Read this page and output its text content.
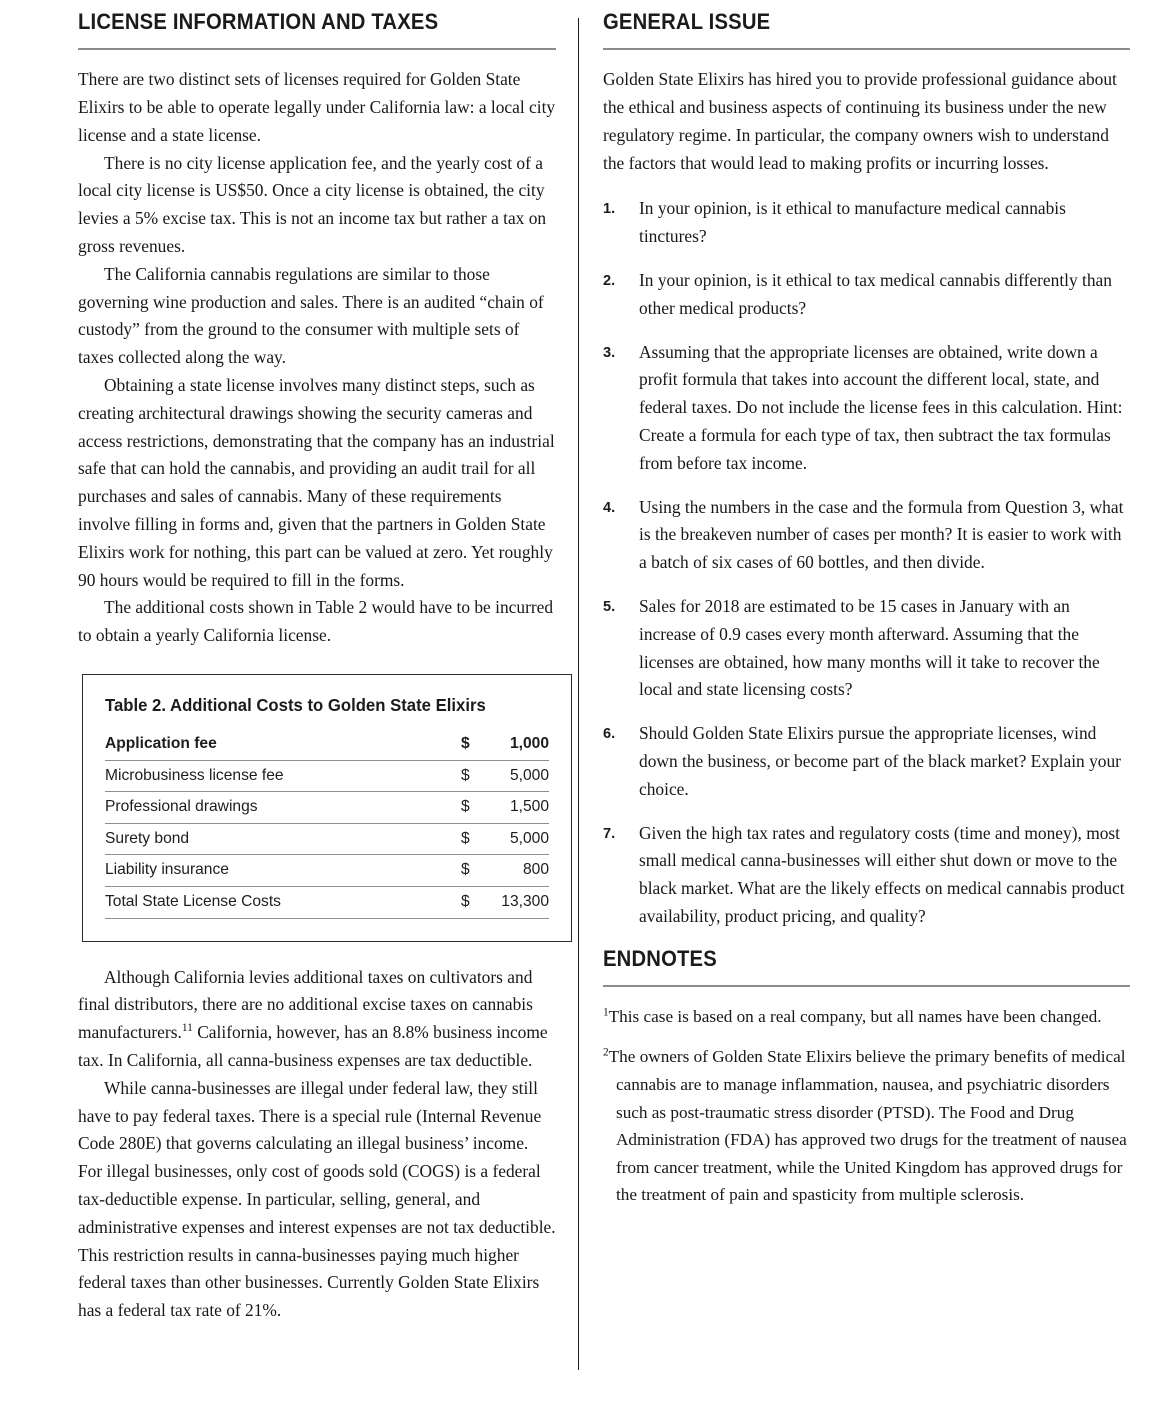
LICENSE INFORMATION AND TAXES

There are two distinct sets of licenses required for Golden State Elixirs to be able to operate legally under California law: a local city license and a state license.

There is no city license application fee, and the yearly cost of a local city license is US$50. Once a city license is obtained, the city levies a 5% excise tax. This is not an income tax but rather a tax on gross revenues.

The California cannabis regulations are similar to those governing wine production and sales. There is an audited “chain of custody” from the ground to the consumer with multiple sets of taxes collected along the way.

Obtaining a state license involves many distinct steps, such as creating architectural drawings showing the security cameras and access restrictions, demonstrating that the company has an industrial safe that can hold the cannabis, and providing an audit trail for all purchases and sales of cannabis. Many of these requirements involve filling in forms and, given that the partners in Golden State Elixirs work for nothing, this part can be valued at zero. Yet roughly 90 hours would be required to fill in the forms.

The additional costs shown in Table 2 would have to be incurred to obtain a yearly California license.

Table 2. Additional Costs to Golden State Elixirs
Application fee	$	1,000
Microbusiness license fee	$	5,000
Professional drawings	$	1,500
Surety bond	$	5,000
Liability insurance	$	800
Total State License Costs	$	13,300

Although California levies additional taxes on cultivators and final distributors, there are no additional excise taxes on cannabis manufacturers.$^{11}$ California, however, has an 8.8% business income tax. In California, all canna-business expenses are tax deductible.

While canna-businesses are illegal under federal law, they still have to pay federal taxes. There is a special rule (Internal Revenue Code 280E) that governs calculating an illegal business’ income. For illegal businesses, only cost of goods sold (COGS) is a federal tax-deductible expense. In particular, selling, general, and administrative expenses and interest expenses are not tax deductible. This restriction results in canna-businesses paying much higher federal taxes than other businesses. Currently Golden State Elixirs has a federal tax rate of 21%.

GENERAL ISSUE

Golden State Elixirs has hired you to provide professional guidance about the ethical and business aspects of continuing its business under the new regulatory regime. In particular, the company owners wish to understand the factors that would lead to making profits or incurring losses.

1. In your opinion, is it ethical to manufacture medical cannabis tinctures?
2. In your opinion, is it ethical to tax medical cannabis differently than other medical products?
3. Assuming that the appropriate licenses are obtained, write down a profit formula that takes into account the different local, state, and federal taxes. Do not include the license fees in this calculation. Hint: Create a formula for each type of tax, then subtract the tax formulas from before tax income.
4. Using the numbers in the case and the formula from Question 3, what is the breakeven number of cases per month? It is easier to work with a batch of six cases of 60 bottles, and then divide.
5. Sales for 2018 are estimated to be 15 cases in January with an increase of 0.9 cases every month afterward. Assuming that the licenses are obtained, how many months will it take to recover the local and state licensing costs?
6. Should Golden State Elixirs pursue the appropriate licenses, wind down the business, or become part of the black market? Explain your choice.
7. Given the high tax rates and regulatory costs (time and money), most small medical canna-businesses will either shut down or move to the black market. What are the likely effects on medical cannabis product availability, product pricing, and quality?
ENDNOTES

$^1$This case is based on a real company, but all names have been changed.

$^2$The owners of Golden State Elixirs believe the primary benefits of medical cannabis are to manage inflammation, nausea, and psychiatric disorders such as post-traumatic stress disorder (PTSD). The Food and Drug Administration (FDA) has approved two drugs for the treatment of nausea from cancer treatment, while the United Kingdom has approved drugs for the treatment of pain and spasticity from multiple sclerosis.
